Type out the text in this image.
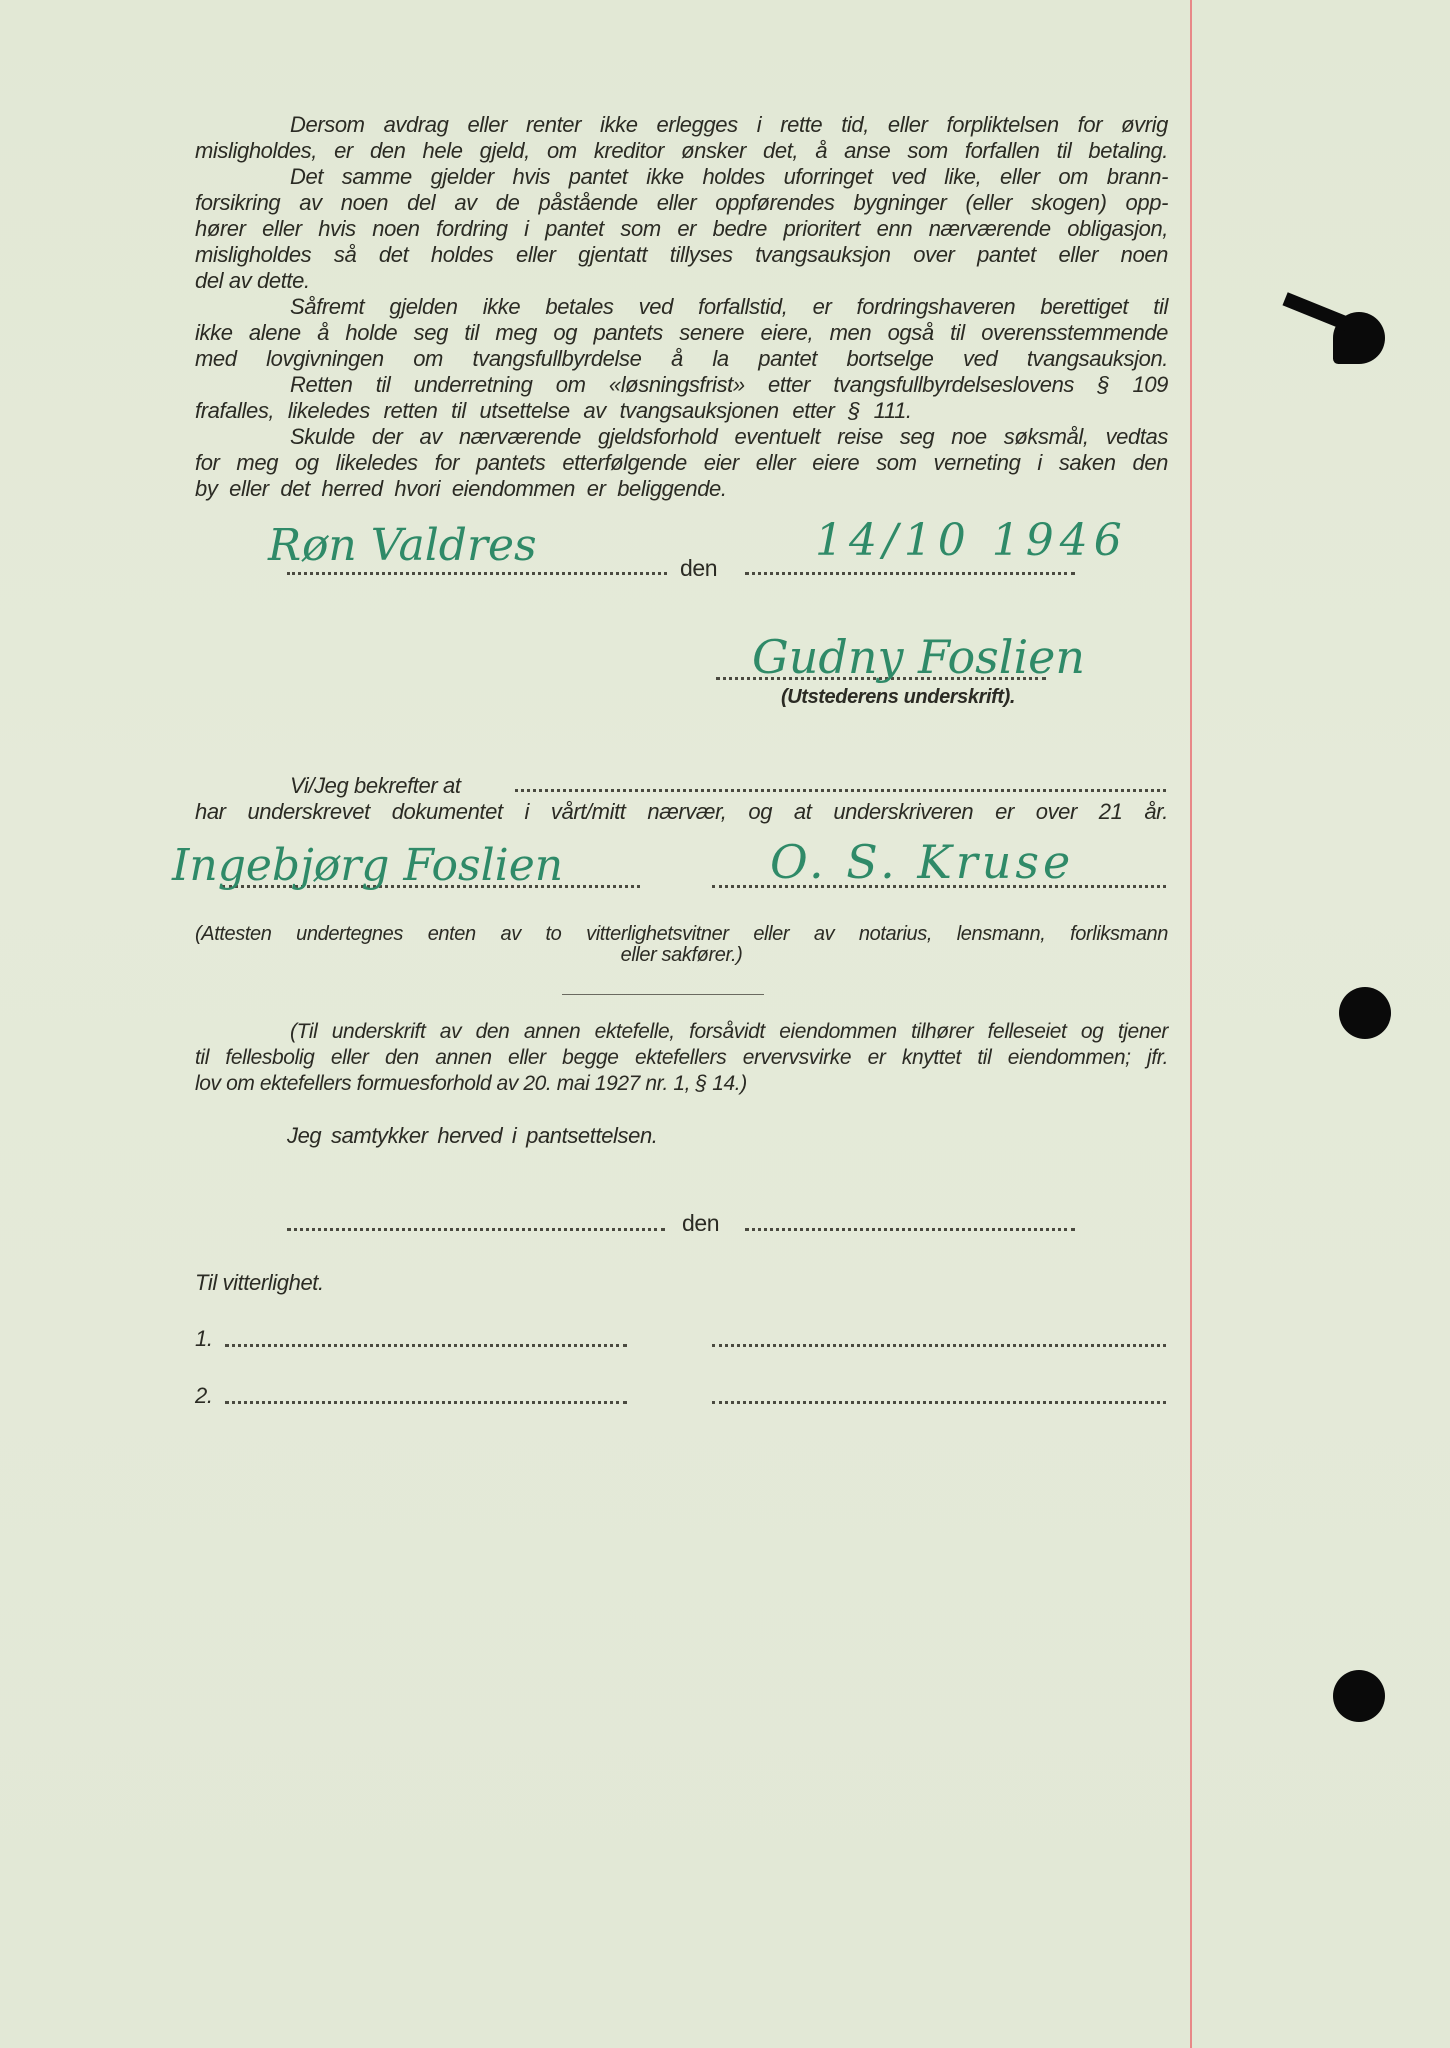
Dersom avdrag eller renter ikke erlegges i rette tid, eller forpliktelsen for øvrig
misligholdes, er den hele gjeld, om kreditor ønsker det, å anse som forfallen til betaling.
Det samme gjelder hvis pantet ikke holdes uforringet ved like, eller om brann-
forsikring av noen del av de påstående eller oppførendes bygninger (eller skogen) opp-
hører eller hvis noen fordring i pantet som er bedre prioritert enn nærværende obligasjon,
misligholdes så det holdes eller gjentatt tillyses tvangsauksjon over pantet eller noen
del av dette.
Såfremt gjelden ikke betales ved forfallstid, er fordringshaveren berettiget til
ikke alene å holde seg til meg og pantets senere eiere, men også til overensstemmende
med lovgivningen om tvangsfullbyrdelse å la pantet bortselge ved tvangsauksjon.
Retten til underretning om «løsningsfrist» etter tvangsfullbyrdelseslovens § 109
frafalles, likeledes retten til utsettelse av tvangsauksjonen etter § 111.
Skulde der av nærværende gjeldsforhold eventuelt reise seg noe søksmål, vedtas
for meg og likeledes for pantets etterfølgende eier eller eiere som verneting i saken den
by eller det herred hvori eiendommen er beliggende.
Røn Valdres	den
14/10 1946
Gudny Foslien
(Utstederens underskrift).
Vi/Jeg bekrefter at
har underskrevet dokumentet i vårt/mitt nærvær, og at underskriveren er over 21 år.
Ingebjørg Foslien	O. S. Kruse
(Attesten undertegnes enten av to vitterlighetsvitner eller av notarius, lensmann, forliksmann
eller sakfører.)
(Til underskrift av den annen ektefelle, forsåvidt eiendommen tilhører felleseiet og tjener
til fellesbolig eller den annen eller begge ektefellers ervervsvirke er knyttet til eiendommen; jfr.
lov om ektefellers formuesforhold av 20. mai 1927 nr. 1, § 14.)
Jeg samtykker herved i pantsettelsen.
den
Til vitterlighet.
1.
2.
